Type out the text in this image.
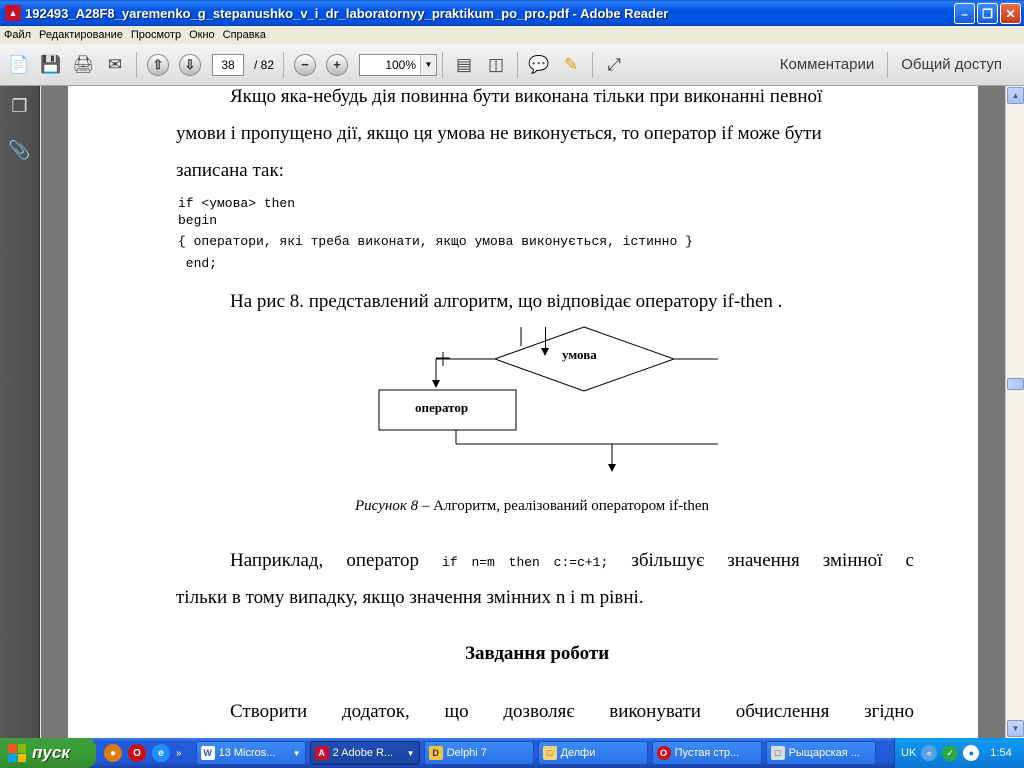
▲ 192493_A28F8_yaremenko_g_stepanushko_v_i_dr_laboratornyy_praktikum_po_pro.pdf - Adobe Reader	–	❐	✕
Файл Редактирование Просмотр Окно Справка
📄 💾 🖨 ✉	⇧	⇩	38	/ 82	−	+	100%	▼ ▤ ◫ 💬 ✎	⤢	Комментарии	Общий доступ
❐
📎
Якщо яка-небудь дія повинна бути виконана тільки при виконанні певної
умови і пропущено дії, якщо ця умова не виконується, то оператор if може бути
записана так:
if <умова> then
begin
{ оператори, які треба виконати, якщо умова виконується, істинно }
end;
На рис 8. представлений алгоритм, що відповідає оператору if-then .
умова
оператор
Рисунок 8 – Алгоритм, реалізований оператором if-then
Наприклад, оператор if n=m then c:=c+1; збільшує значення змінної с
тільки в тому випадку, якщо значення змінних n і m рівні.
Завдання роботи
Створити додаток, що дозволяє виконувати обчислення згідно
▲
▼
пуск	●	O	e	»	W 13 Micros... ▼	A 2 Adobe R... ▼	D Delphi 7	□ Делфи	O Пустая стр...	□ Рыщарская ...	UK	«	✓	●	1:54
